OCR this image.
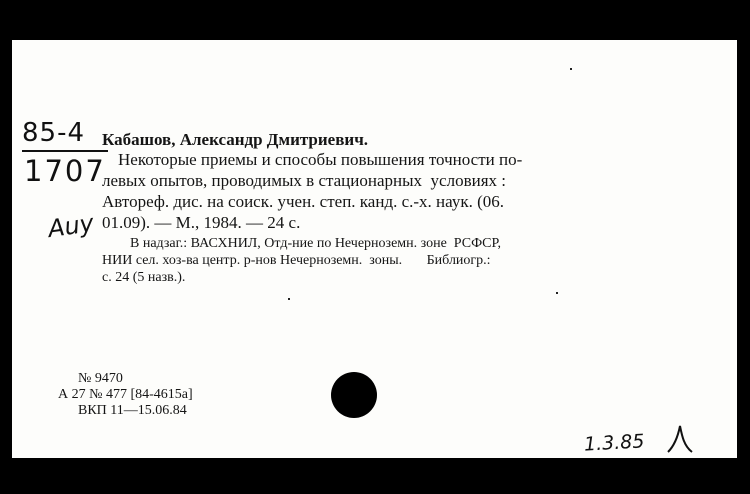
85-4
1707
Auy
Кабашов, Александр Дмитриевич.
Некоторые приемы и способы повышения точности по-
левых опытов, проводимых в стационарных  условиях :
Автореф. дис. на соиск. учен. степ. канд. с.-х. наук. (06.
01.09). — М., 1984. — 24 с.
В надзаг.: ВАСХНИЛ, Отд-ние по Нечерноземн. зоне  РСФСР,
НИИ сел. хоз-ва центр. р-нов Нечерноземн.  зоны.       Библиогр.:
с. 24 (5 назв.).
№ 9470
А 27 № 477 [84-4615а]
ВКП 11—15.06.84
1.3.85
